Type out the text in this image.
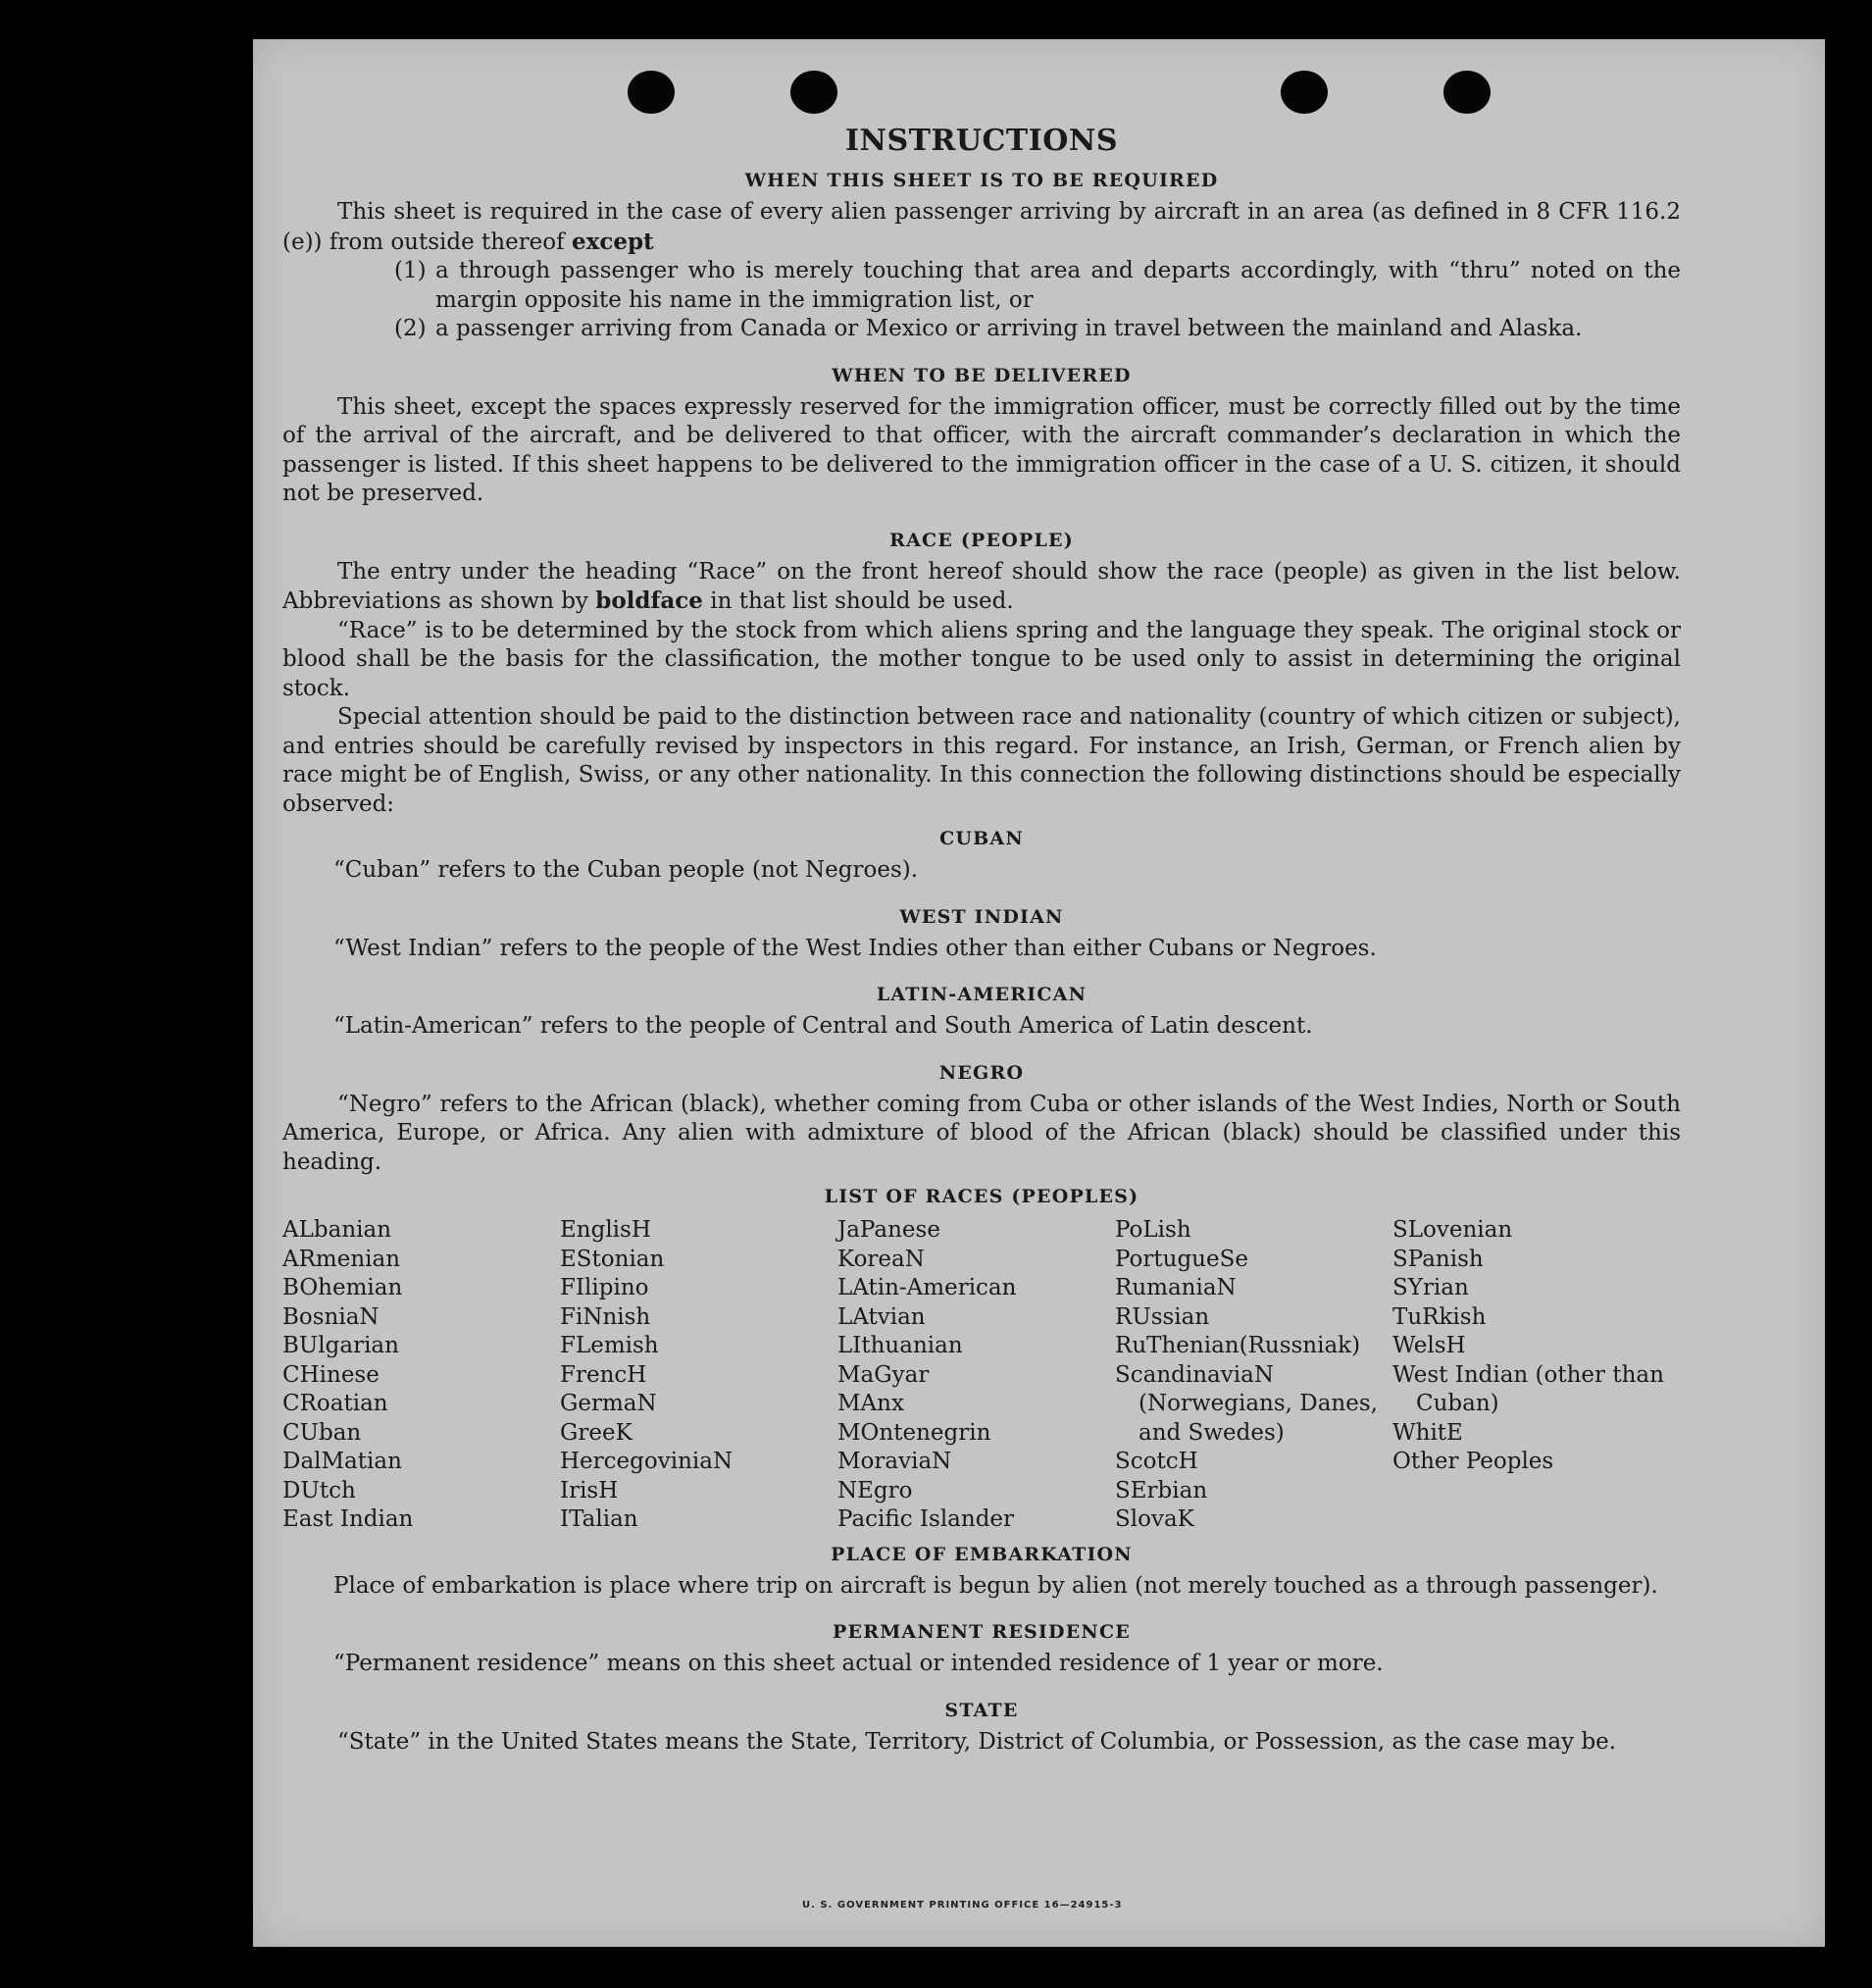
INSTRUCTIONS
WHEN THIS SHEET IS TO BE REQUIRED

This sheet is required in the case of every alien passenger arriving by aircraft in an area (as defined in 8 CFR 116.2 (e)) from outside thereof except

(1) a through passenger who is merely touching that area and departs accordingly, with “thru” noted on the margin opposite his name in the immigration list, or
(2) a passenger arriving from Canada or Mexico or arriving in travel between the mainland and Alaska.
WHEN TO BE DELIVERED

This sheet, except the spaces expressly reserved for the immigration officer, must be correctly filled out by the time of the arrival of the aircraft, and be delivered to that officer, with the aircraft commander’s declaration in which the passenger is listed. If this sheet happens to be delivered to the immigration officer in the case of a U. S. citizen, it should not be preserved.

RACE (PEOPLE)

The entry under the heading “Race” on the front hereof should show the race (people) as given in the list below. Abbreviations as shown by boldface in that list should be used.

“Race” is to be determined by the stock from which aliens spring and the language they speak. The original stock or blood shall be the basis for the classification, the mother tongue to be used only to assist in determining the original stock.

Special attention should be paid to the distinction between race and nationality (country of which citizen or subject), and entries should be carefully revised by inspectors in this regard. For instance, an Irish, German, or French alien by race might be of English, Swiss, or any other nationality. In this connection the following distinctions should be especially observed:

CUBAN

“Cuban” refers to the Cuban people (not Negroes).

WEST INDIAN

“West Indian” refers to the people of the West Indies other than either Cubans or Negroes.

LATIN-AMERICAN

“Latin-American” refers to the people of Central and South America of Latin descent.

NEGRO

“Negro” refers to the African (black), whether coming from Cuba or other islands of the West Indies, North or South America, Europe, or Africa. Any alien with admixture of blood of the African (black) should be classified under this heading.

LIST OF RACES (PEOPLES)
ALbanian
ARmenian
BOhemian
BosniaN
BUlgarian
CHinese
CRoatian
CUban
DalMatian
DUtch
East Indian
EnglisH
EStonian
FIlipino
FiNnish
FLemish
FrencH
GermaN
GreeK
HercegoviniaN
IrisH
ITalian
JaPanese
KoreaN
LAtin-American
LAtvian
LIthuanian
MaGyar
MAnx
MOntenegrin
MoraviaN
NEgro
Pacific Islander
PoLish
PortugueSe
RumaniaN
RUssian
RuThenian(Russniak)
ScandinaviaN (Norwegians, Danes, and Swedes)
ScotcH
SErbian
SlovaK
SLovenian
SPanish
SYrian
TuRkish
WelsH
West Indian (other than Cuban)
WhitE
Other Peoples
PLACE OF EMBARKATION

Place of embarkation is place where trip on aircraft is begun by alien (not merely touched as a through passenger).

PERMANENT RESIDENCE

“Permanent residence” means on this sheet actual or intended residence of 1 year or more.

STATE

“State” in the United States means the State, Territory, District of Columbia, or Possession, as the case may be.

U. S. GOVERNMENT PRINTING OFFICE 16—24915-3
